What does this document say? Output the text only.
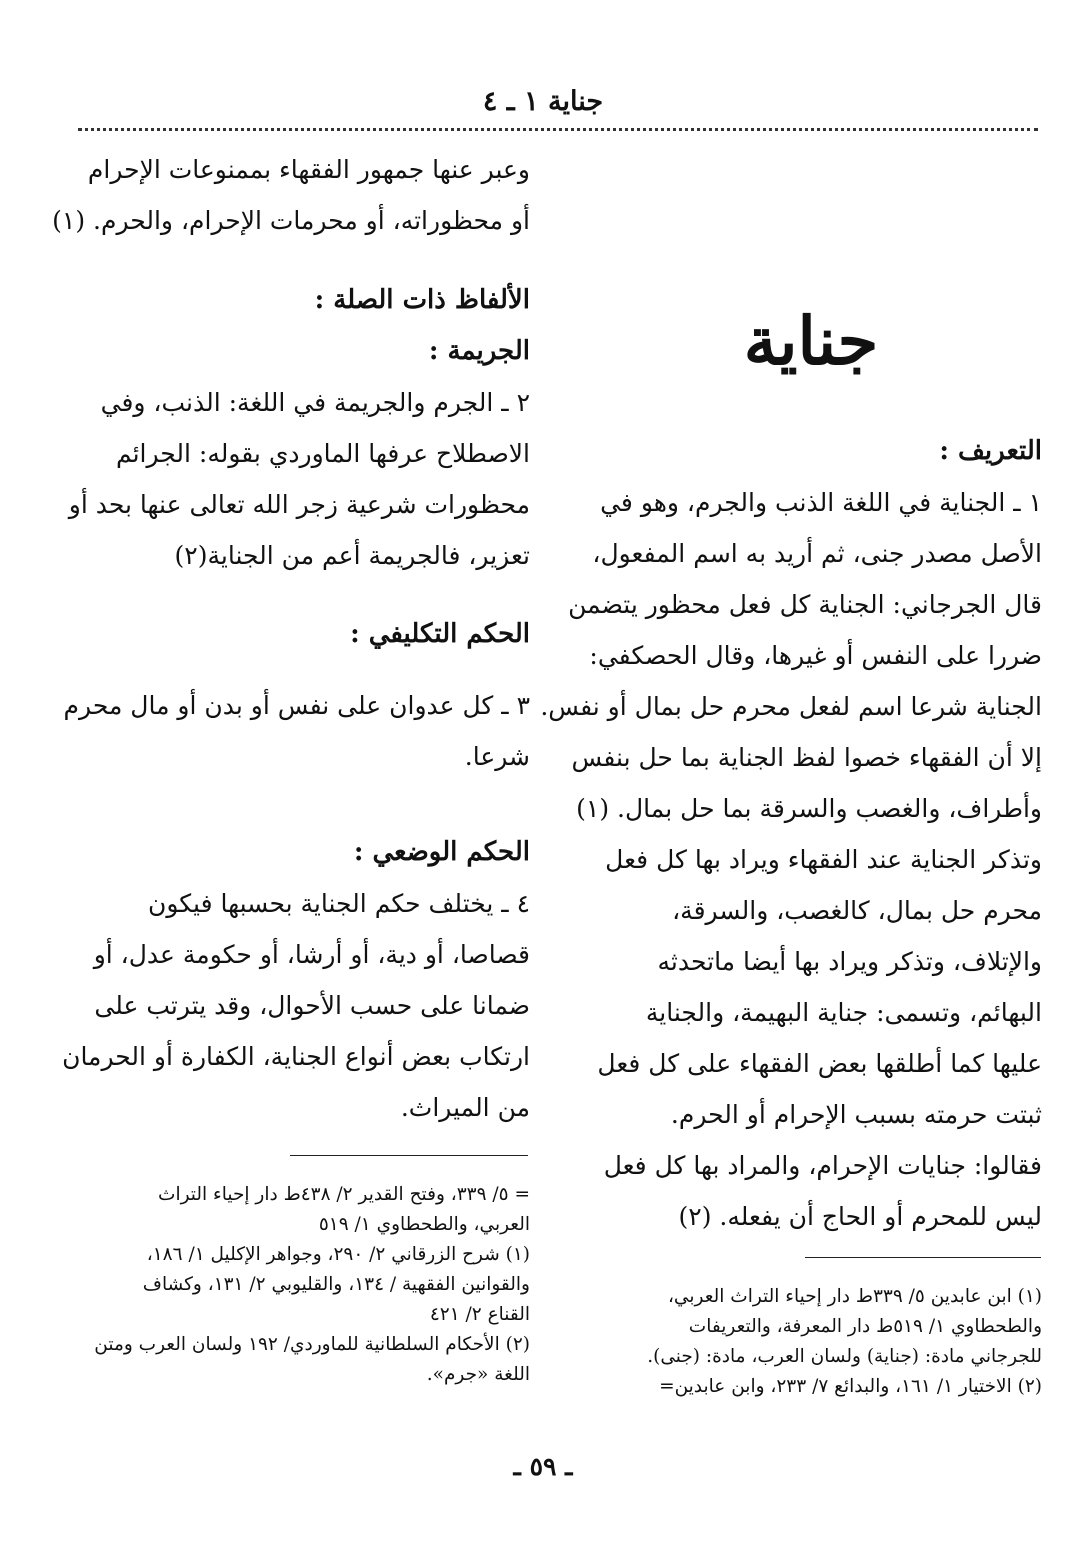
جناية ١ ـ ٤
جناية
التعريف :
١ ـ الجناية في اللغة الذنب والجرم، وهو في
الأصل مصدر جنى، ثم أريد به اسم المفعول،
قال الجرجاني: الجناية كل فعل محظور يتضمن
ضررا على النفس أو غيرها، وقال الحصكفي:
الجناية شرعا اسم لفعل محرم حل بمال أو نفس.
إلا أن الفقهاء خصوا لفظ الجناية بما حل بنفس
وأطراف، والغصب والسرقة بما حل بمال. (١)
وتذكر الجناية عند الفقهاء ويراد بها كل فعل
محرم حل بمال، كالغصب، والسرقة،
والإتلاف، وتذكر ويراد بها أيضا ماتحدثه
البهائم، وتسمى: جناية البهيمة، والجناية
عليها كما أطلقها بعض الفقهاء على كل فعل
ثبتت حرمته بسبب الإحرام أو الحرم.
فقالوا: جنايات الإحرام، والمراد بها كل فعل
ليس للمحرم أو الحاج أن يفعله. (٢)
(١) ابن عابدين ٥/ ٣٣٩ط دار إحياء التراث العربي،
والطحطاوي ١/ ٥١٩ط دار المعرفة، والتعريفات
للجرجاني مادة: (جناية) ولسان العرب، مادة: (جنى).
(٢) الاختيار ١/ ١٦١، والبدائع ٧/ ٢٣٣، وابن عابدين=
وعبر عنها جمهور الفقهاء بممنوعات الإحرام
أو محظوراته، أو محرمات الإحرام، والحرم. (١)
الألفاظ ذات الصلة :
الجريمة :
٢ ـ الجرم والجريمة في اللغة: الذنب، وفي
الاصطلاح عرفها الماوردي بقوله: الجرائم
محظورات شرعية زجر الله تعالى عنها بحد أو
تعزير، فالجريمة أعم من الجناية(٢)
الحكم التكليفي :
٣ ـ كل عدوان على نفس أو بدن أو مال محرم
شرعا.
الحكم الوضعي :
٤ ـ يختلف حكم الجناية بحسبها فيكون
قصاصا، أو دية، أو أرشا، أو حكومة عدل، أو
ضمانا على حسب الأحوال، وقد يترتب على
ارتكاب بعض أنواع الجناية، الكفارة أو الحرمان
من الميراث.
= ٥/ ٣٣٩، وفتح القدير ٢/ ٤٣٨ط دار إحياء التراث
العربي، والطحطاوي ١/ ٥١٩
(١) شرح الزرقاني ٢/ ٢٩٠، وجواهر الإكليل ١/ ١٨٦،
والقوانين الفقهية / ١٣٤، والقليوبي ٢/ ١٣١، وكشاف
القناع ٢/ ٤٢١
(٢) الأحكام السلطانية للماوردي/ ١٩٢ ولسان العرب ومتن
اللغة «جرم».
ـ ٥٩ ـ
